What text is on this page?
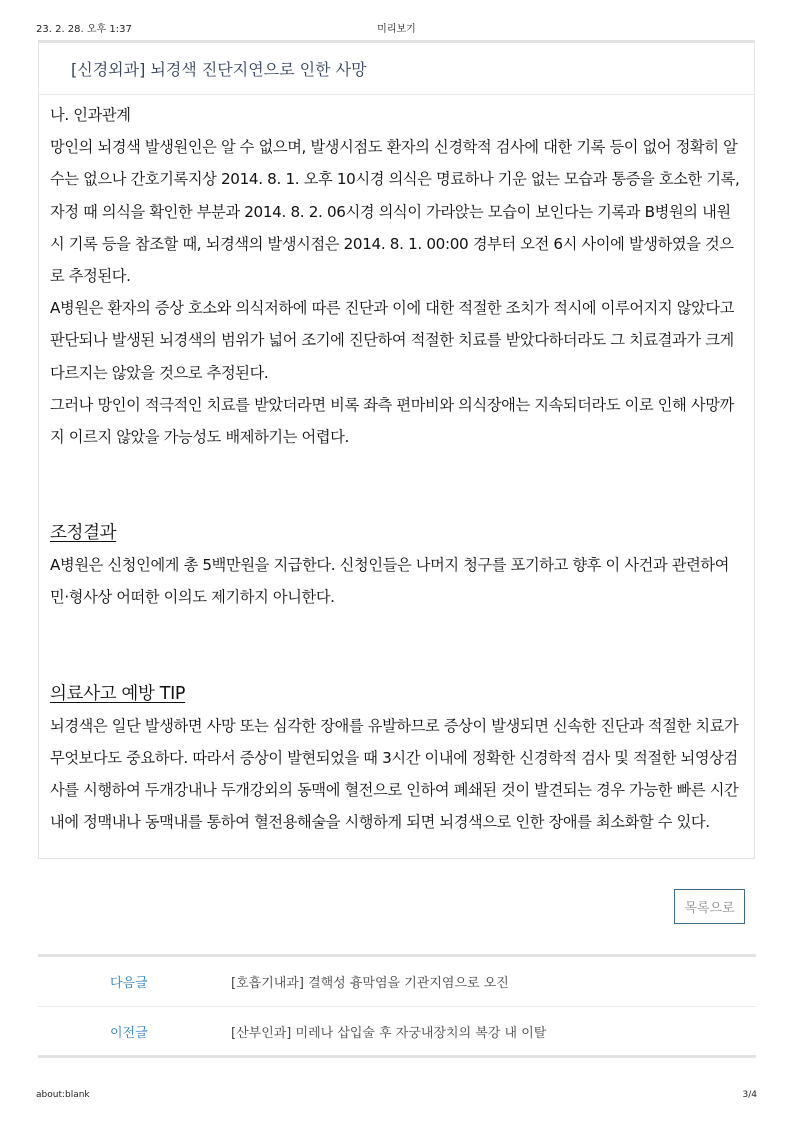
23. 2. 28. 오후 1:37	미리보기
[신경외과] 뇌경색 진단지연으로 인한 사망

나. 인과관계

망인의 뇌경색 발생원인은 알 수 없으며, 발생시점도 환자의 신경학적 검사에 대한 기록 등이 없어 정확히 알 수는 없으나 간호기록지상 2014. 8. 1. 오후 10시경 의식은 명료하나 기운 없는 모습과 통증을 호소한 기록, 자정 때 의식을 확인한 부분과 2014. 8. 2. 06시경 의식이 가라앉는 모습이 보인다는 기록과 B병원의 내원시 기록 등을 참조할 때, 뇌경색의 발생시점은 2014. 8. 1. 00:00 경부터 오전 6시 사이에 발생하였을 것으로 추정된다.

A병원은 환자의 증상 호소와 의식저하에 따른 진단과 이에 대한 적절한 조치가 적시에 이루어지지 않았다고 판단되나 발생된 뇌경색의 범위가 넓어 조기에 진단하여 적절한 치료를 받았다하더라도 그 치료결과가 크게 다르지는 않았을 것으로 추정된다.

그러나 망인이 적극적인 치료를 받았더라면 비록 좌측 편마비와 의식장애는 지속되더라도 이로 인해 사망까지 이르지 않았을 가능성도 배제하기는 어렵다.

조정결과

A병원은 신청인에게 총 5백만원을 지급한다. 신청인들은 나머지 청구를 포기하고 향후 이 사건과 관련하여 민·형사상 어떠한 이의도 제기하지 아니한다.

의료사고 예방 TIP

뇌경색은 일단 발생하면 사망 또는 심각한 장애를 유발하므로 증상이 발생되면 신속한 진단과 적절한 치료가 무엇보다도 중요하다. 따라서 증상이 발현되었을 때 3시간 이내에 정확한 신경학적 검사 및 적절한 뇌영상검사를 시행하여 두개강내나 두개강외의 동맥에 혈전으로 인하여 폐쇄된 것이 발견되는 경우 가능한 빠른 시간 내에 정맥내나 동맥내를 통하여 혈전용해술을 시행하게 되면 뇌경색으로 인한 장애를 최소화할 수 있다.

목록으로
다음글	[호흡기내과] 결핵성 흉막염을 기관지염으로 오진
이전글	[산부인과] 미레나 삽입술 후 자궁내장치의 복강 내 이탈
about:blank	3/4
